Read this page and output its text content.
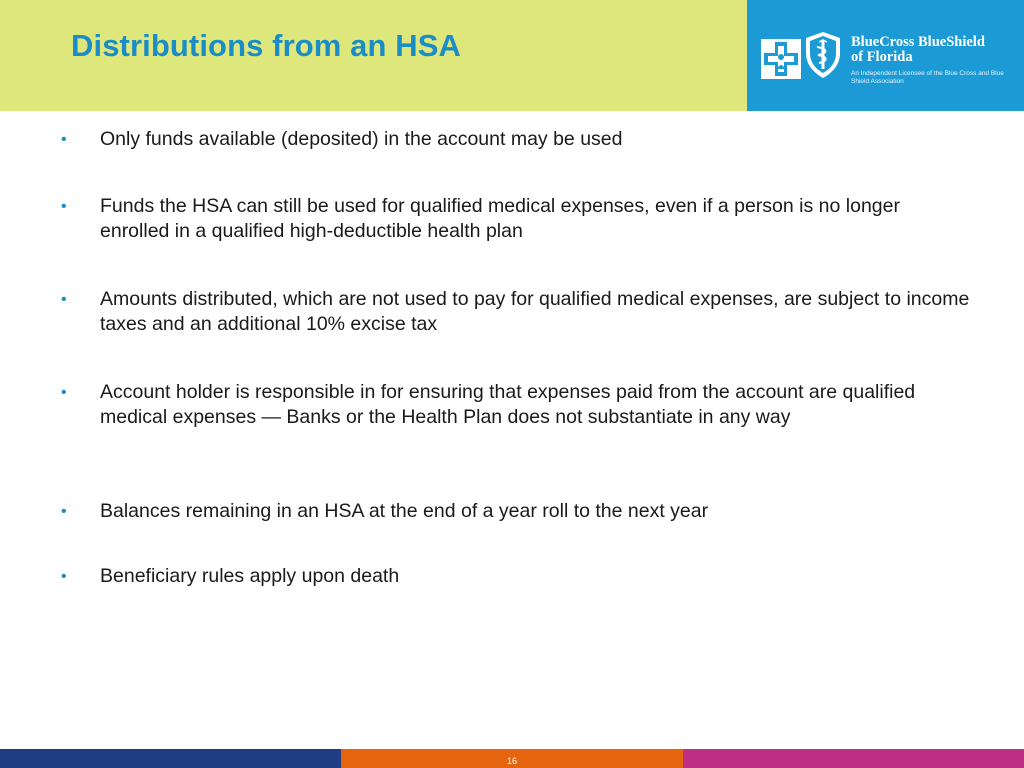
Distributions from an HSA	BlueCross BlueShield
of Florida
An Independent Licensee of the Blue Cross and Blue Shield Association
• Only funds available (deposited) in the account may be used
• Funds the HSA can still be used for qualified medical expenses, even if a person is no longer enrolled in a qualified high-deductible health plan
• Amounts distributed, which are not used to pay for qualified medical expenses, are subject to income taxes and an additional 10% excise tax
• Account holder is responsible in for ensuring that expenses paid from the account are qualified medical expenses — Banks or the Health Plan does not substantiate in any way
• Balances remaining in an HSA at the end of a year roll to the next year
• Beneficiary rules apply upon death
16
